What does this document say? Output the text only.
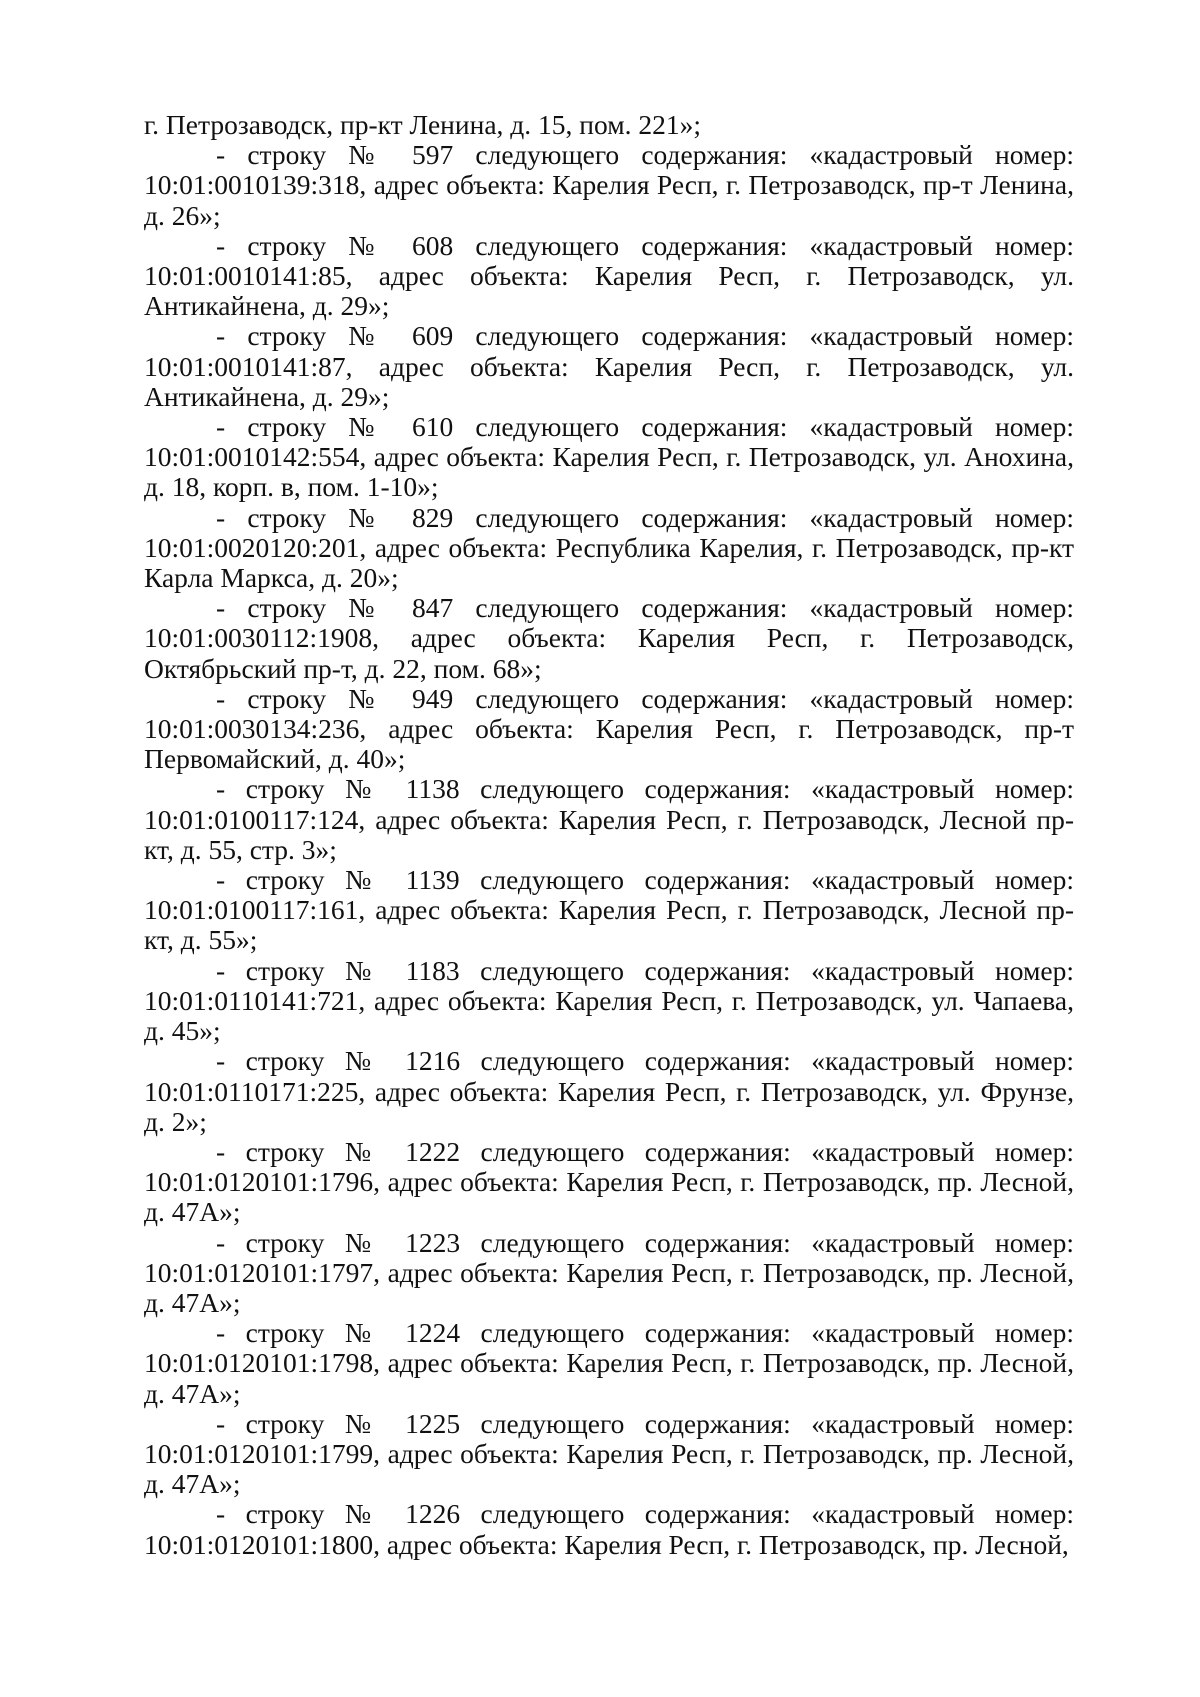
г. Петрозаводск, пр-кт Ленина, д. 15, пом. 221»;

- строку № 597 следующего содержания: «кадастровый номер: 10:01:0010139:318, адрес объекта: Карелия Респ, г. Петрозаводск, пр-т Ленина, д. 26»;

- строку № 608 следующего содержания: «кадастровый номер: 10:01:0010141:85, адрес объекта: Карелия Респ, г. Петрозаводск, ул. Антикайнена, д. 29»;

- строку № 609 следующего содержания: «кадастровый номер: 10:01:0010141:87, адрес объекта: Карелия Респ, г. Петрозаводск, ул. Антикайнена, д. 29»;

- строку № 610 следующего содержания: «кадастровый номер: 10:01:0010142:554, адрес объекта: Карелия Респ, г. Петрозаводск, ул. Анохина, д. 18, корп. в, пом. 1-10»;

- строку № 829 следующего содержания: «кадастровый номер: 10:01:0020120:201, адрес объекта: Республика Карелия, г. Петрозаводск, пр-кт Карла Маркса, д. 20»;

- строку № 847 следующего содержания: «кадастровый номер: 10:01:0030112:1908, адрес объекта: Карелия Респ, г. Петрозаводск, Октябрьский пр-т, д. 22, пом. 68»;

- строку № 949 следующего содержания: «кадастровый номер: 10:01:0030134:236, адрес объекта: Карелия Респ, г. Петрозаводск, пр-т Первомайский, д. 40»;

- строку № 1138 следующего содержания: «кадастровый номер: 10:01:0100117:124, адрес объекта: Карелия Респ, г. Петрозаводск, Лесной пр-кт, д. 55, стр. 3»;

- строку № 1139 следующего содержания: «кадастровый номер: 10:01:0100117:161, адрес объекта: Карелия Респ, г. Петрозаводск, Лесной пр-кт, д. 55»;

- строку № 1183 следующего содержания: «кадастровый номер: 10:01:0110141:721, адрес объекта: Карелия Респ, г. Петрозаводск, ул. Чапаева, д. 45»;

- строку № 1216 следующего содержания: «кадастровый номер: 10:01:0110171:225, адрес объекта: Карелия Респ, г. Петрозаводск, ул. Фрунзе, д. 2»;

- строку № 1222 следующего содержания: «кадастровый номер: 10:01:0120101:1796, адрес объекта: Карелия Респ, г. Петрозаводск, пр. Лесной, д. 47А»;

- строку № 1223 следующего содержания: «кадастровый номер: 10:01:0120101:1797, адрес объекта: Карелия Респ, г. Петрозаводск, пр. Лесной, д. 47А»;

- строку № 1224 следующего содержания: «кадастровый номер: 10:01:0120101:1798, адрес объекта: Карелия Респ, г. Петрозаводск, пр. Лесной, д. 47А»;

- строку № 1225 следующего содержания: «кадастровый номер: 10:01:0120101:1799, адрес объекта: Карелия Респ, г. Петрозаводск, пр. Лесной, д. 47А»;

- строку № 1226 следующего содержания: «кадастровый номер: 10:01:0120101:1800, адрес объекта: Карелия Респ, г. Петрозаводск, пр. Лесной,
